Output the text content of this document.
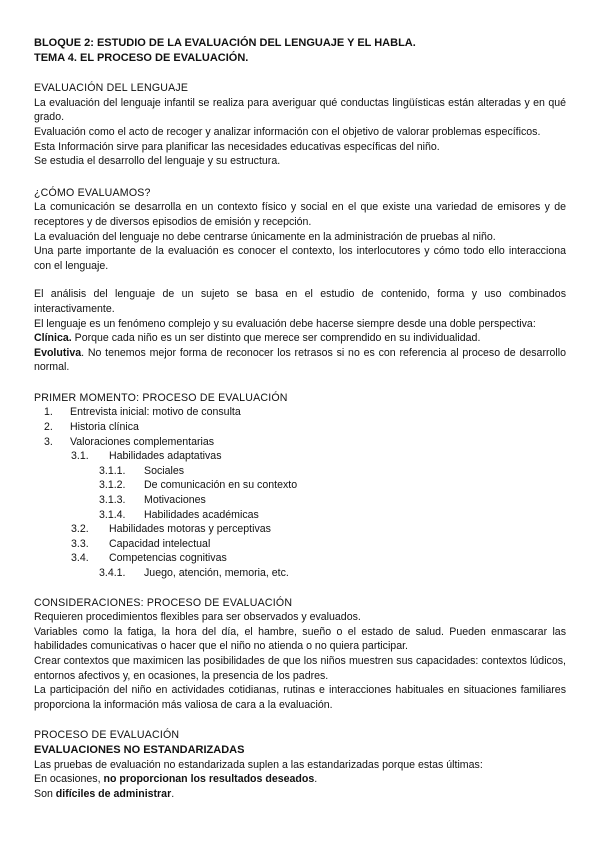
BLOQUE 2: ESTUDIO DE LA EVALUACIÓN DEL LENGUAJE Y EL HABLA.
TEMA 4. EL PROCESO DE EVALUACIÓN.
EVALUACIÓN DEL LENGUAJE

La evaluación del lenguaje infantil se realiza para averiguar qué conductas lingüísticas están alteradas y en qué grado.

Evaluación como el acto de recoger y analizar información con el objetivo de valorar problemas específicos.

Esta Información sirve para planificar las necesidades educativas específicas del niño.

Se estudia el desarrollo del lenguaje y su estructura.

¿CÓMO EVALUAMOS?

La comunicación se desarrolla en un contexto físico y social en el que existe una variedad de emisores y de receptores y de diversos episodios de emisión y recepción.

La evaluación del lenguaje no debe centrarse únicamente en la administración de pruebas al niño.

Una parte importante de la evaluación es conocer el contexto, los interlocutores y cómo todo ello interacciona con el lenguaje.

El análisis del lenguaje de un sujeto se basa en el estudio de contenido, forma y uso combinados interactivamente.

El lenguaje es un fenómeno complejo y su evaluación debe hacerse siempre desde una doble perspectiva:

Clínica. Porque cada niño es un ser distinto que merece ser comprendido en su individualidad.

Evolutiva. No tenemos mejor forma de reconocer los retrasos si no es con referencia al proceso de desarrollo normal.

PRIMER MOMENTO: PROCESO DE EVALUACIÓN
1.	Entrevista inicial: motivo de consulta
2.	Historia clínica
3.	Valoraciones complementarias
3.1.	Habilidades adaptativas
3.1.1.	Sociales
3.1.2.	De comunicación en su contexto
3.1.3.	Motivaciones
3.1.4.	Habilidades académicas
3.2.	Habilidades motoras y perceptivas
3.3.	Capacidad intelectual
3.4.	Competencias cognitivas
3.4.1.	Juego, atención, memoria, etc.
CONSIDERACIONES: PROCESO DE EVALUACIÓN

Requieren procedimientos flexibles para ser observados y evaluados.

Variables como la fatiga, la hora del día, el hambre, sueño o el estado de salud. Pueden enmascarar las habilidades comunicativas o hacer que el niño no atienda o no quiera participar.

Crear contextos que maximicen las posibilidades de que los niños muestren sus capacidades: contextos lúdicos, entornos afectivos y, en ocasiones, la presencia de los padres.

La participación del niño en actividades cotidianas, rutinas e interacciones habituales en situaciones familiares proporciona la información más valiosa de cara a la evaluación.

PROCESO DE EVALUACIÓN
EVALUACIONES NO ESTANDARIZADAS

Las pruebas de evaluación no estandarizada suplen a las estandarizadas porque estas últimas:

En ocasiones, no proporcionan los resultados deseados.

Son difíciles de administrar.
